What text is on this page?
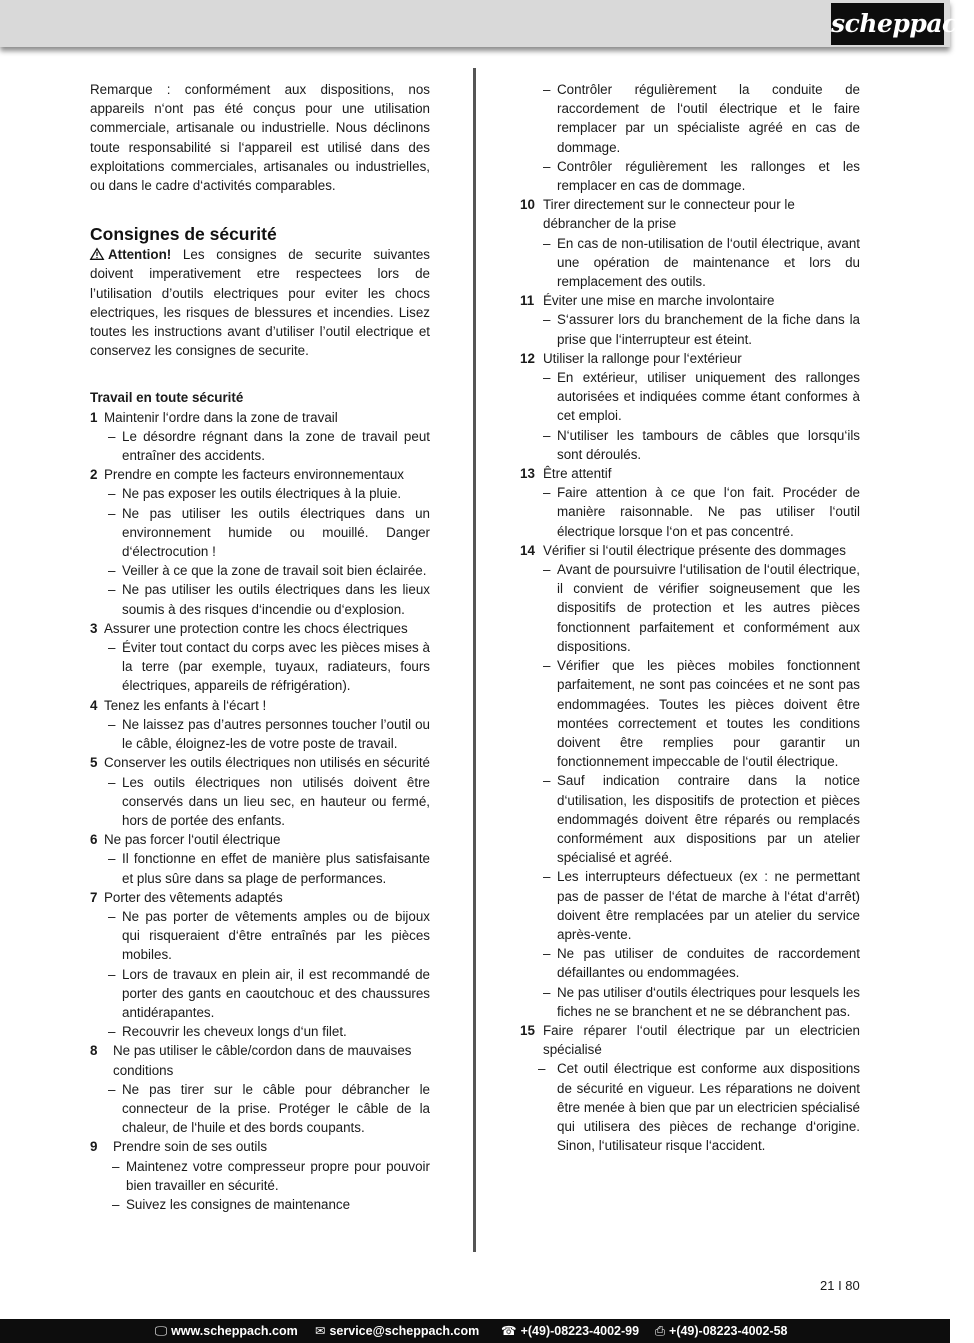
scheppach

Remarque : conformément aux dispositions, nos appareils n‘ont pas été conçus pour une utilisation commerciale, artisanale ou industrielle. Nous déclinons toute responsabilité si l‘appareil est utilisé dans des exploitations commerciales, artisanales ou industrielles, ou dans le cadre d‘activités comparables.

Consignes de sécurité

Attention! Les consignes de securite suivantes doivent imperativement etre respectees lors de l’utilisation d’outils electriques pour eviter les chocs electriques, les risques de blessures et incendies. Lisez toutes les instructions avant d’utiliser l’outil electrique et conservez les consignes de securite.

Travail en toute sécurité
1 Maintenir l‘ordre dans la zone de travail
– Le désordre régnant dans la zone de travail peut entraîner des accidents.
2 Prendre en compte les facteurs environnementaux
– Ne pas exposer les outils électriques à la pluie.
– Ne pas utiliser les outils électriques dans un environnement humide ou mouillé. Danger d‘électrocution !
– Veiller à ce que la zone de travail soit bien éclairée.
– Ne pas utiliser les outils électriques dans les lieux soumis à des risques d‘incendie ou d‘explosion.
3 Assurer une protection contre les chocs électriques
– Éviter tout contact du corps avec les pièces mises à la terre (par exemple, tuyaux, radiateurs, fours électriques, appareils de réfrigération).
4 Tenez les enfants à l‘écart !
– Ne laissez pas d’autres personnes toucher l’outil ou le câble, éloignez-les de votre poste de travail.
5 Conserver les outils électriques non utilisés en sécurité
– Les outils électriques non utilisés doivent être conservés dans un lieu sec, en hauteur ou fermé, hors de portée des enfants.
6 Ne pas forcer l‘outil électrique
– Il fonctionne en effet de manière plus satisfaisante et plus sûre dans sa plage de performances.
7 Porter des vêtements adaptés
– Ne pas porter de vêtements amples ou de bijoux qui risqueraient d‘être entraînés par les pièces mobiles.
– Lors de travaux en plein air, il est recommandé de porter des gants en caoutchouc et des chaussures antidérapantes.
– Recouvrir les cheveux longs d‘un filet.
8 Ne pas utiliser le câble/cordon dans de mauvaises conditions
– Ne pas tirer sur le câble pour débrancher le connecteur de la prise. Protéger le câble de la chaleur, de l‘huile et des bords coupants.
9 Prendre soin de ses outils
– Maintenez votre compresseur propre pour pouvoir bien travailler en sécurité.
– Suivez les consignes de maintenance
– Contrôler régulièrement la conduite de raccordement de l‘outil électrique et le faire remplacer par un spécialiste agréé en cas de dommage.
– Contrôler régulièrement les rallonges et les remplacer en cas de dommage.
10 Tirer directement sur le connecteur pour le débrancher de la prise
– En cas de non-utilisation de l‘outil électrique, avant une opération de maintenance et lors du remplacement des outils.
11 Éviter une mise en marche involontaire
– S‘assurer lors du branchement de la fiche dans la prise que l‘interrupteur est éteint.
12 Utiliser la rallonge pour l‘extérieur
– En extérieur, utiliser uniquement des rallonges autorisées et indiquées comme étant conformes à cet emploi.
– N‘utiliser les tambours de câbles que lorsqu‘ils sont déroulés.
13 Être attentif
– Faire attention à ce que l‘on fait. Procéder de manière raisonnable. Ne pas utiliser l‘outil électrique lorsque l‘on et pas concentré.
14 Vérifier si l‘outil électrique présente des dommages
– Avant de poursuivre l‘utilisation de l‘outil électrique, il convient de vérifier soigneusement que les dispositifs de protection et les autres pièces fonctionnent parfaitement et conformément aux dispositions.
– Vérifier que les pièces mobiles fonctionnent parfaitement, ne sont pas coincées et ne sont pas endommagées. Toutes les pièces doivent être montées correctement et toutes les conditions doivent être remplies pour garantir un fonctionnement impeccable de l‘outil électrique.
– Sauf indication contraire dans la notice d‘utilisation, les dispositifs de protection et pièces endommagés doivent être réparés ou remplacés conformément aux dispositions par un atelier spécialisé et agréé.
– Les interrupteurs défectueux (ex : ne permettant pas de passer de l‘état de marche à l‘état d‘arrêt) doivent être remplacées par un atelier du service après-vente.
– Ne pas utiliser de conduites de raccordement défaillantes ou endommagées.
– Ne pas utiliser d‘outils électriques pour lesquels les fiches ne se branchent et ne se débranchent pas.
15 Faire réparer l‘outil électrique par un electricien spécialisé
– Cet outil électrique est conforme aux dispositions de sécurité en vigueur. Les réparations ne doivent être menée à bien que par un electricien spécialisé qui utilisera des pièces de rechange d‘origine. Sinon, l‘utilisateur risque l‘accident.
21 I 80
🖵 www.scheppach.com ✉ service@scheppach.com ☎ +(49)-08223-4002-99 ⎙ +(49)-08223-4002-58
